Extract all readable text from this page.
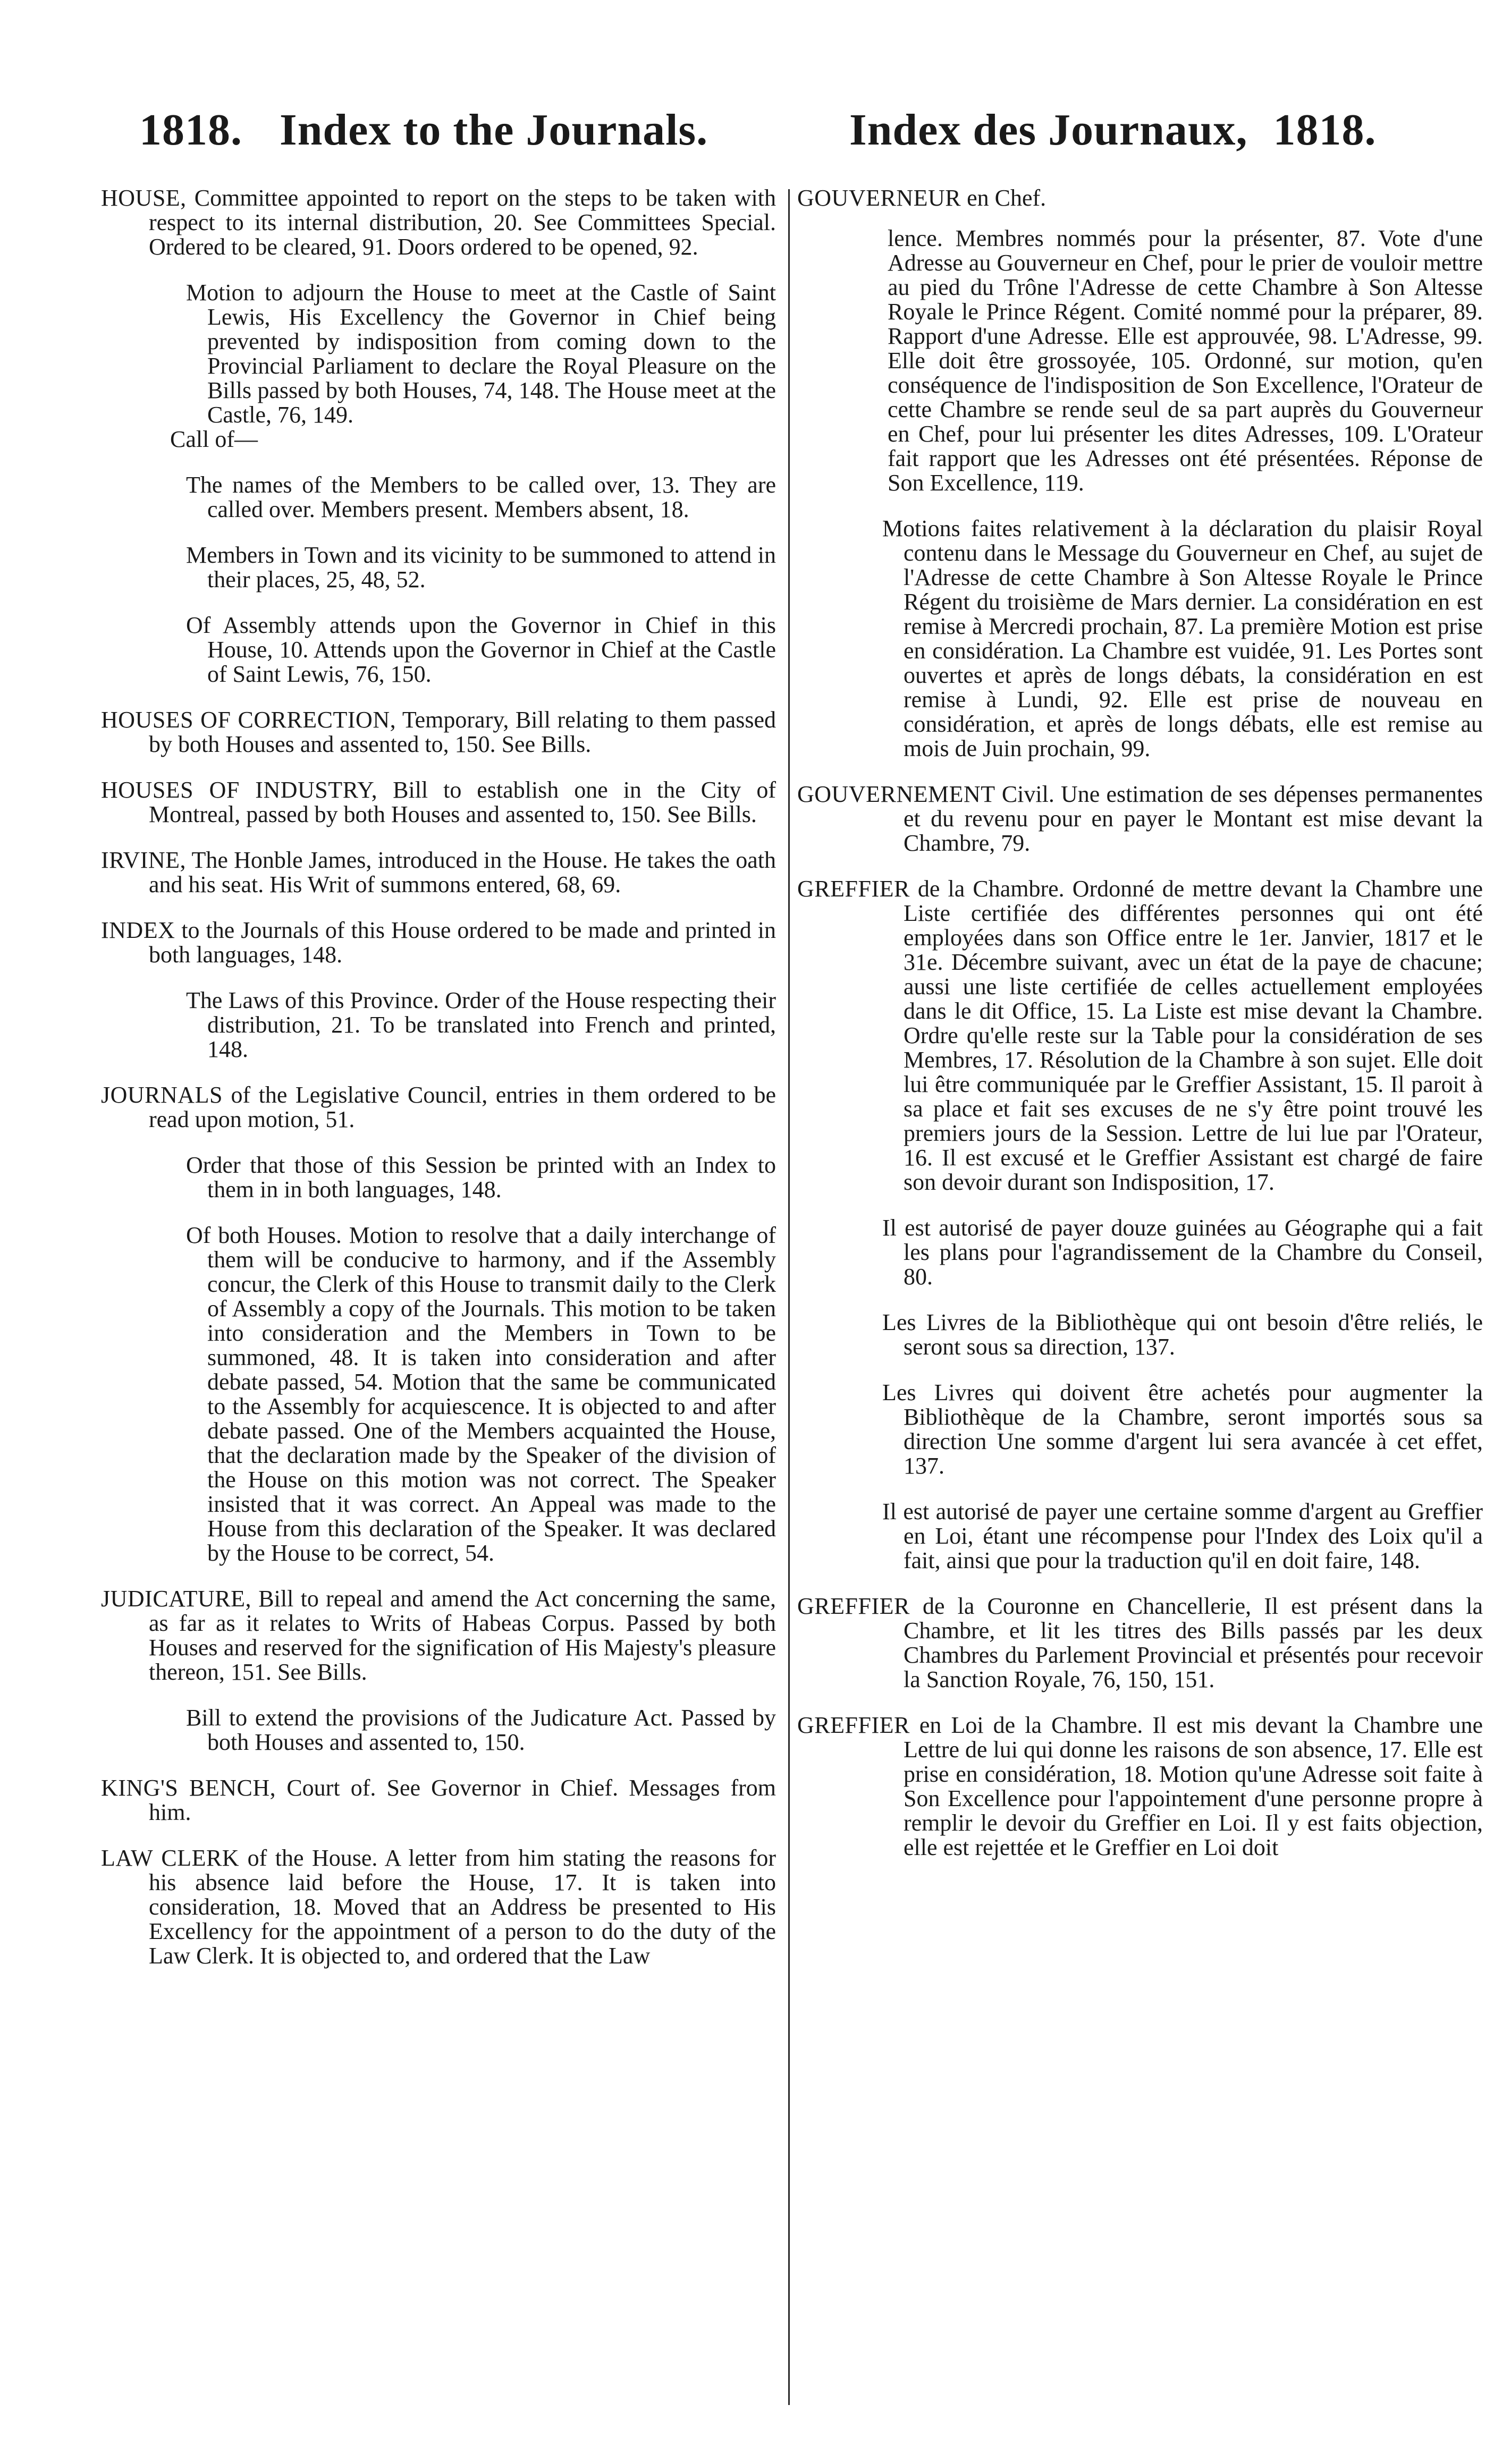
1818. Index to the Journals.	Index des Journaux, 1818.

HOUSE, Committee appointed to report on the steps to be taken with respect to its internal distribution, 20. See Committees Special. Ordered to be cleared, 91. Doors ordered to be opened, 92.

Motion to adjourn the House to meet at the Castle of Saint Lewis, His Excellency the Governor in Chief being prevented by indisposition from coming down to the Provincial Parliament to declare the Royal Pleasure on the Bills passed by both Houses, 74, 148. The House meet at the Castle, 76, 149.

Call of—

The names of the Members to be called over, 13. They are called over. Members present. Members absent, 18.

Members in Town and its vicinity to be summoned to attend in their places, 25, 48, 52.

Of Assembly attends upon the Governor in Chief in this House, 10. Attends upon the Governor in Chief at the Castle of Saint Lewis, 76, 150.

HOUSES OF CORRECTION, Temporary, Bill relating to them passed by both Houses and assented to, 150. See Bills.

HOUSES OF INDUSTRY, Bill to establish one in the City of Montreal, passed by both Houses and assented to, 150. See Bills.

IRVINE, The Honble James, introduced in the House. He takes the oath and his seat. His Writ of summons entered, 68, 69.

INDEX to the Journals of this House ordered to be made and printed in both languages, 148.

The Laws of this Province. Order of the House respecting their distribution, 21. To be translated into French and printed, 148.

JOURNALS of the Legislative Council, entries in them ordered to be read upon motion, 51.

Order that those of this Session be printed with an Index to them in in both languages, 148.

Of both Houses. Motion to resolve that a daily interchange of them will be conducive to harmony, and if the Assembly concur, the Clerk of this House to transmit daily to the Clerk of Assembly a copy of the Journals. This motion to be taken into consideration and the Members in Town to be summoned, 48. It is taken into consideration and after debate passed, 54. Motion that the same be communicated to the Assembly for acquiescence. It is objected to and after debate passed. One of the Members acquainted the House, that the declaration made by the Speaker of the division of the House on this motion was not correct. The Speaker insisted that it was correct. An Appeal was made to the House from this declaration of the Speaker. It was declared by the House to be correct, 54.

JUDICATURE, Bill to repeal and amend the Act concerning the same, as far as it relates to Writs of Habeas Corpus. Passed by both Houses and reserved for the signification of His Majesty's pleasure thereon, 151. See Bills.

Bill to extend the provisions of the Judicature Act. Passed by both Houses and assented to, 150.

KING'S BENCH, Court of. See Governor in Chief. Messages from him.

LAW CLERK of the House. A letter from him stating the reasons for his absence laid before the House, 17. It is taken into consideration, 18. Moved that an Address be presented to His Excellency for the appointment of a person to do the duty of the Law Clerk. It is objected to, and ordered that the Law

GOUVERNEUR en Chef.

lence. Membres nommés pour la présenter, 87. Vote d'une Adresse au Gouverneur en Chef, pour le prier de vouloir mettre au pied du Trône l'Adresse de cette Chambre à Son Altesse Royale le Prince Régent. Comité nommé pour la préparer, 89. Rapport d'une Adresse. Elle est approuvée, 98. L'Adresse, 99. Elle doit être grossoyée, 105. Ordonné, sur motion, qu'en conséquence de l'indisposition de Son Excellence, l'Orateur de cette Chambre se rende seul de sa part auprès du Gouverneur en Chef, pour lui présenter les dites Adresses, 109. L'Orateur fait rapport que les Adresses ont été présentées. Réponse de Son Excellence, 119.

Motions faites relativement à la déclaration du plaisir Royal contenu dans le Message du Gouverneur en Chef, au sujet de l'Adresse de cette Chambre à Son Altesse Royale le Prince Régent du troisième de Mars dernier. La considération en est remise à Mercredi prochain, 87. La première Motion est prise en considération. La Chambre est vuidée, 91. Les Portes sont ouvertes et après de longs débats, la considération en est remise à Lundi, 92. Elle est prise de nouveau en considération, et après de longs débats, elle est remise au mois de Juin prochain, 99.

GOUVERNEMENT Civil. Une estimation de ses dépenses permanentes et du revenu pour en payer le Montant est mise devant la Chambre, 79.

GREFFIER de la Chambre. Ordonné de mettre devant la Chambre une Liste certifiée des différentes personnes qui ont été employées dans son Office entre le 1er. Janvier, 1817 et le 31e. Décembre suivant, avec un état de la paye de chacune; aussi une liste certifiée de celles actuellement employées dans le dit Office, 15. La Liste est mise devant la Chambre. Ordre qu'elle reste sur la Table pour la considération de ses Membres, 17. Résolution de la Chambre à son sujet. Elle doit lui être communiquée par le Greffier Assistant, 15. Il paroit à sa place et fait ses excuses de ne s'y être point trouvé les premiers jours de la Session. Lettre de lui lue par l'Orateur, 16. Il est excusé et le Greffier Assistant est chargé de faire son devoir durant son Indisposition, 17.

Il est autorisé de payer douze guinées au Géographe qui a fait les plans pour l'agrandissement de la Chambre du Conseil, 80.

Les Livres de la Bibliothèque qui ont besoin d'être reliés, le seront sous sa direction, 137.

Les Livres qui doivent être achetés pour augmenter la Bibliothèque de la Chambre, seront importés sous sa direction Une somme d'argent lui sera avancée à cet effet, 137.

Il est autorisé de payer une certaine somme d'argent au Greffier en Loi, étant une récompense pour l'Index des Loix qu'il a fait, ainsi que pour la traduction qu'il en doit faire, 148.

GREFFIER de la Couronne en Chancellerie, Il est présent dans la Chambre, et lit les titres des Bills passés par les deux Chambres du Parlement Provincial et présentés pour recevoir la Sanction Royale, 76, 150, 151.

GREFFIER en Loi de la Chambre. Il est mis devant la Chambre une Lettre de lui qui donne les raisons de son absence, 17. Elle est prise en considération, 18. Motion qu'une Adresse soit faite à Son Excellence pour l'appointement d'une personne propre à remplir le devoir du Greffier en Loi. Il y est faits objection, elle est rejettée et le Greffier en Loi doit
